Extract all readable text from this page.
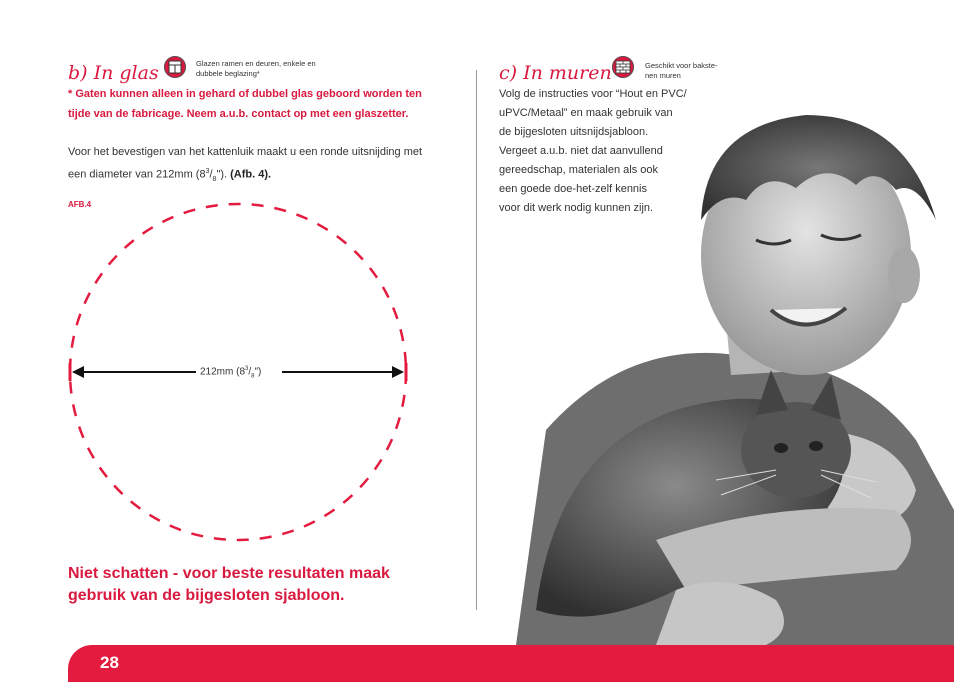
b) In glas	Glazen ramen en deuren, enkele en
dubbele beglazing*
* Gaten kunnen alleen in gehard of dubbel glas geboord worden ten
tijde van de fabricage. Neem a.u.b. contact op met een glaszetter.
Voor het bevestigen van het kattenluik maakt u een ronde uitsnijding met
een diameter van 212mm $(8^3/_8")$. (Afb. 4).
AFB.4
212mm $(8^3/_8")$
Niet schatten - voor beste resultaten maak
gebruik van de bijgesloten sjabloon.
c) In muren	Geschikt voor bakste-
nen muren
Volg de instructies voor “Hout en PVC/
uPVC/Metaal” en maak gebruik van
de bijgesloten uitsnijdsjabloon.
Vergeet a.u.b. niet dat aanvullend
gereedschap, materialen als ook
een goede doe-het-zelf kennis
voor dit werk nodig kunnen zijn.
28
